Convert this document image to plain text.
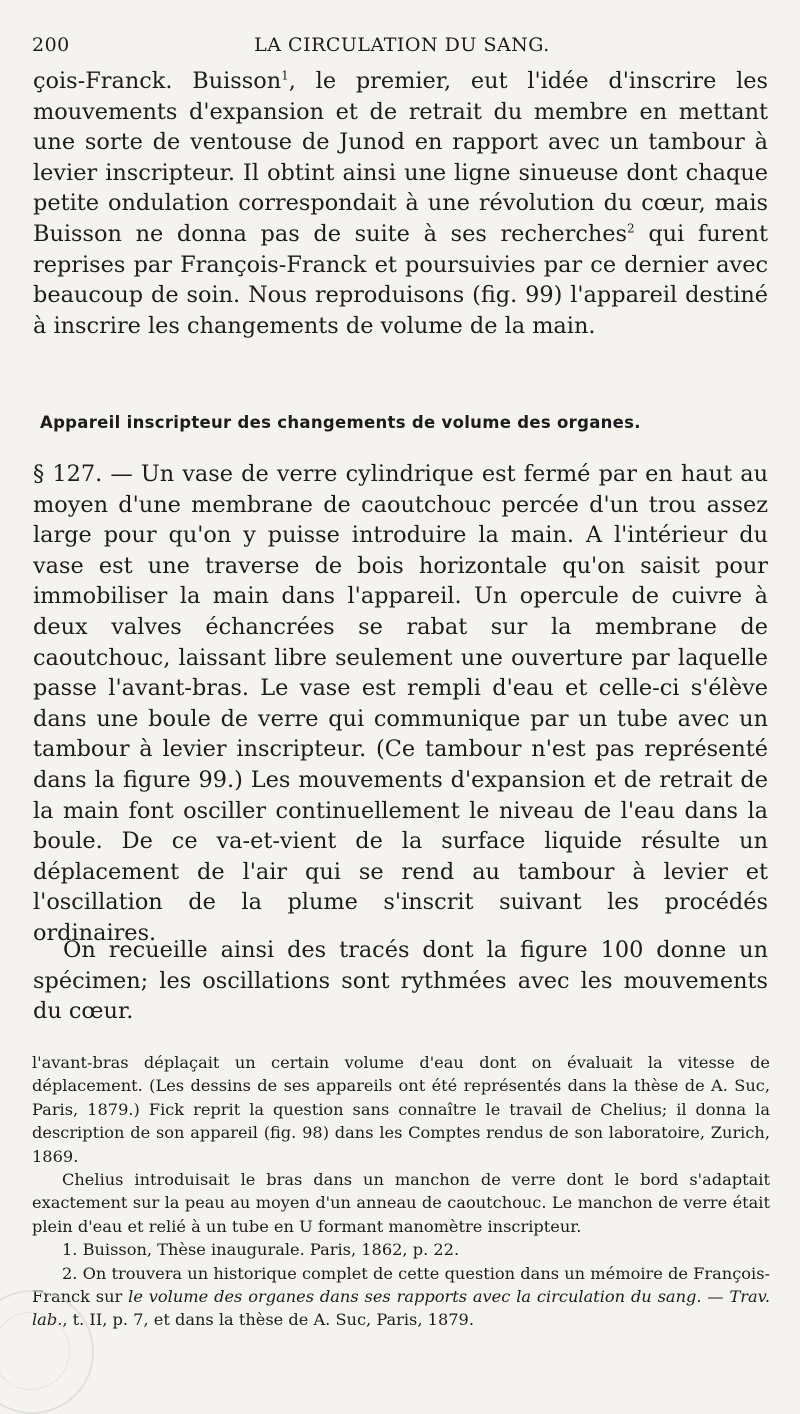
200	LA CIRCULATION DU SANG.
çois-Franck. Buisson$^1$, le premier, eut l'idée d'inscrire les mouvements d'expansion et de retrait du membre en mettant une sorte de ventouse de Junod en rapport avec un tambour à levier inscripteur. Il obtint ainsi une ligne sinueuse dont chaque petite ondulation correspondait à une révolution du cœur, mais Buisson ne donna pas de suite à ses recherches$^2$ qui furent reprises par François-Franck et poursuivies par ce dernier avec beaucoup de soin. Nous reproduisons (fig. 99) l'appareil destiné à inscrire les changements de volume de la main.
Appareil inscripteur des changements de volume des organes.
§ 127. — Un vase de verre cylindrique est fermé par en haut au moyen d'une membrane de caoutchouc percée d'un trou assez large pour qu'on y puisse introduire la main. A l'intérieur du vase est une traverse de bois horizontale qu'on saisit pour immobiliser la main dans l'appareil. Un opercule de cuivre à deux valves échancrées se rabat sur la membrane de caoutchouc, laissant libre seulement une ouverture par laquelle passe l'avant-bras. Le vase est rempli d'eau et celle-ci s'élève dans une boule de verre qui communique par un tube avec un tambour à levier inscripteur. (Ce tambour n'est pas représenté dans la figure 99.) Les mouvements d'expansion et de retrait de la main font osciller continuellement le niveau de l'eau dans la boule. De ce va-et-vient de la surface liquide résulte un déplacement de l'air qui se rend au tambour à levier et l'oscillation de la plume s'inscrit suivant les procédés ordinaires.
On recueille ainsi des tracés dont la figure 100 donne un spécimen; les oscillations sont rythmées avec les mouvements du cœur.

l'avant-bras déplaçait un certain volume d'eau dont on évaluait la vitesse de déplacement. (Les dessins de ses appareils ont été représentés dans la thèse de A. Suc, Paris, 1879.) Fick reprit la question sans connaître le travail de Chelius; il donna la description de son appareil (fig. 98) dans les Comptes rendus de son laboratoire, Zurich, 1869.

Chelius introduisait le bras dans un manchon de verre dont le bord s'adaptait exactement sur la peau au moyen d'un anneau de caoutchouc. Le manchon de verre était plein d'eau et relié à un tube en U formant manomètre inscripteur.

1. Buisson, Thèse inaugurale. Paris, 1862, p. 22.

2. On trouvera un historique complet de cette question dans un mémoire de François-Franck sur le volume des organes dans ses rapports avec la circulation du sang. — Trav. lab., t. II, p. 7, et dans la thèse de A. Suc, Paris, 1879.
